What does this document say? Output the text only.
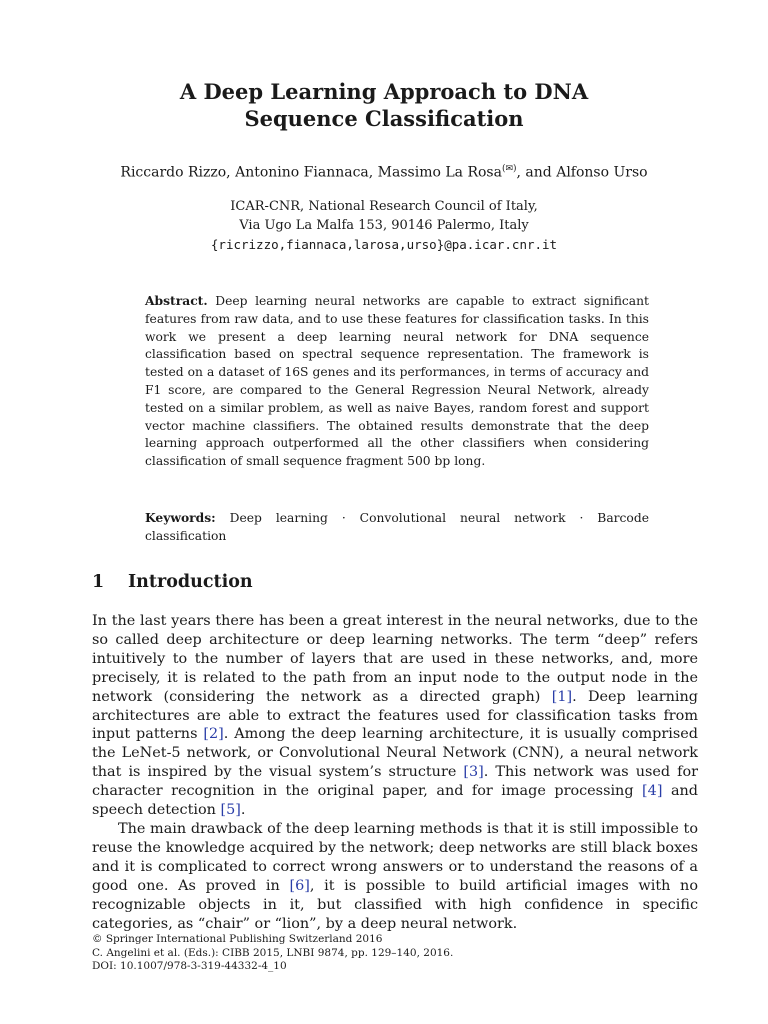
A Deep Learning Approach to DNA
Sequence Classification
Riccardo Rizzo, Antonino Fiannaca, Massimo La Rosa(✉), and Alfonso Urso
ICAR-CNR, National Research Council of Italy,
Via Ugo La Malfa 153, 90146 Palermo, Italy
{ricrizzo,fiannaca,larosa,urso}@pa.icar.cnr.it
Abstract. Deep learning neural networks are capable to extract significant features from raw data, and to use these features for classification tasks. In this work we present a deep learning neural network for DNA sequence classification based on spectral sequence representation. The framework is tested on a dataset of 16S genes and its performances, in terms of accuracy and F1 score, are compared to the General Regression Neural Network, already tested on a similar problem, as well as naive Bayes, random forest and support vector machine classifiers. The obtained results demonstrate that the deep learning approach outperformed all the other classifiers when considering classification of small sequence fragment 500 bp long.
Keywords: Deep learning · Convolutional neural network · Barcode classification
1 Introduction

In the last years there has been a great interest in the neural networks, due to the so called deep architecture or deep learning networks. The term “deep” refers intuitively to the number of layers that are used in these networks, and, more precisely, it is related to the path from an input node to the output node in the network (considering the network as a directed graph) [1]. Deep learning architectures are able to extract the features used for classification tasks from input patterns [2]. Among the deep learning architecture, it is usually comprised the LeNet-5 network, or Convolutional Neural Network (CNN), a neural network that is inspired by the visual system’s structure [3]. This network was used for character recognition in the original paper, and for image processing [4] and speech detection [5].

The main drawback of the deep learning methods is that it is still impossible to reuse the knowledge acquired by the network; deep networks are still black boxes and it is complicated to correct wrong answers or to understand the reasons of a good one. As proved in [6], it is possible to build artificial images with no recognizable objects in it, but classified with high confidence in specific categories, as “chair” or “lion”, by a deep neural network.

© Springer International Publishing Switzerland 2016
C. Angelini et al. (Eds.): CIBB 2015, LNBI 9874, pp. 129–140, 2016.
DOI: 10.1007/978-3-319-44332-4_10
